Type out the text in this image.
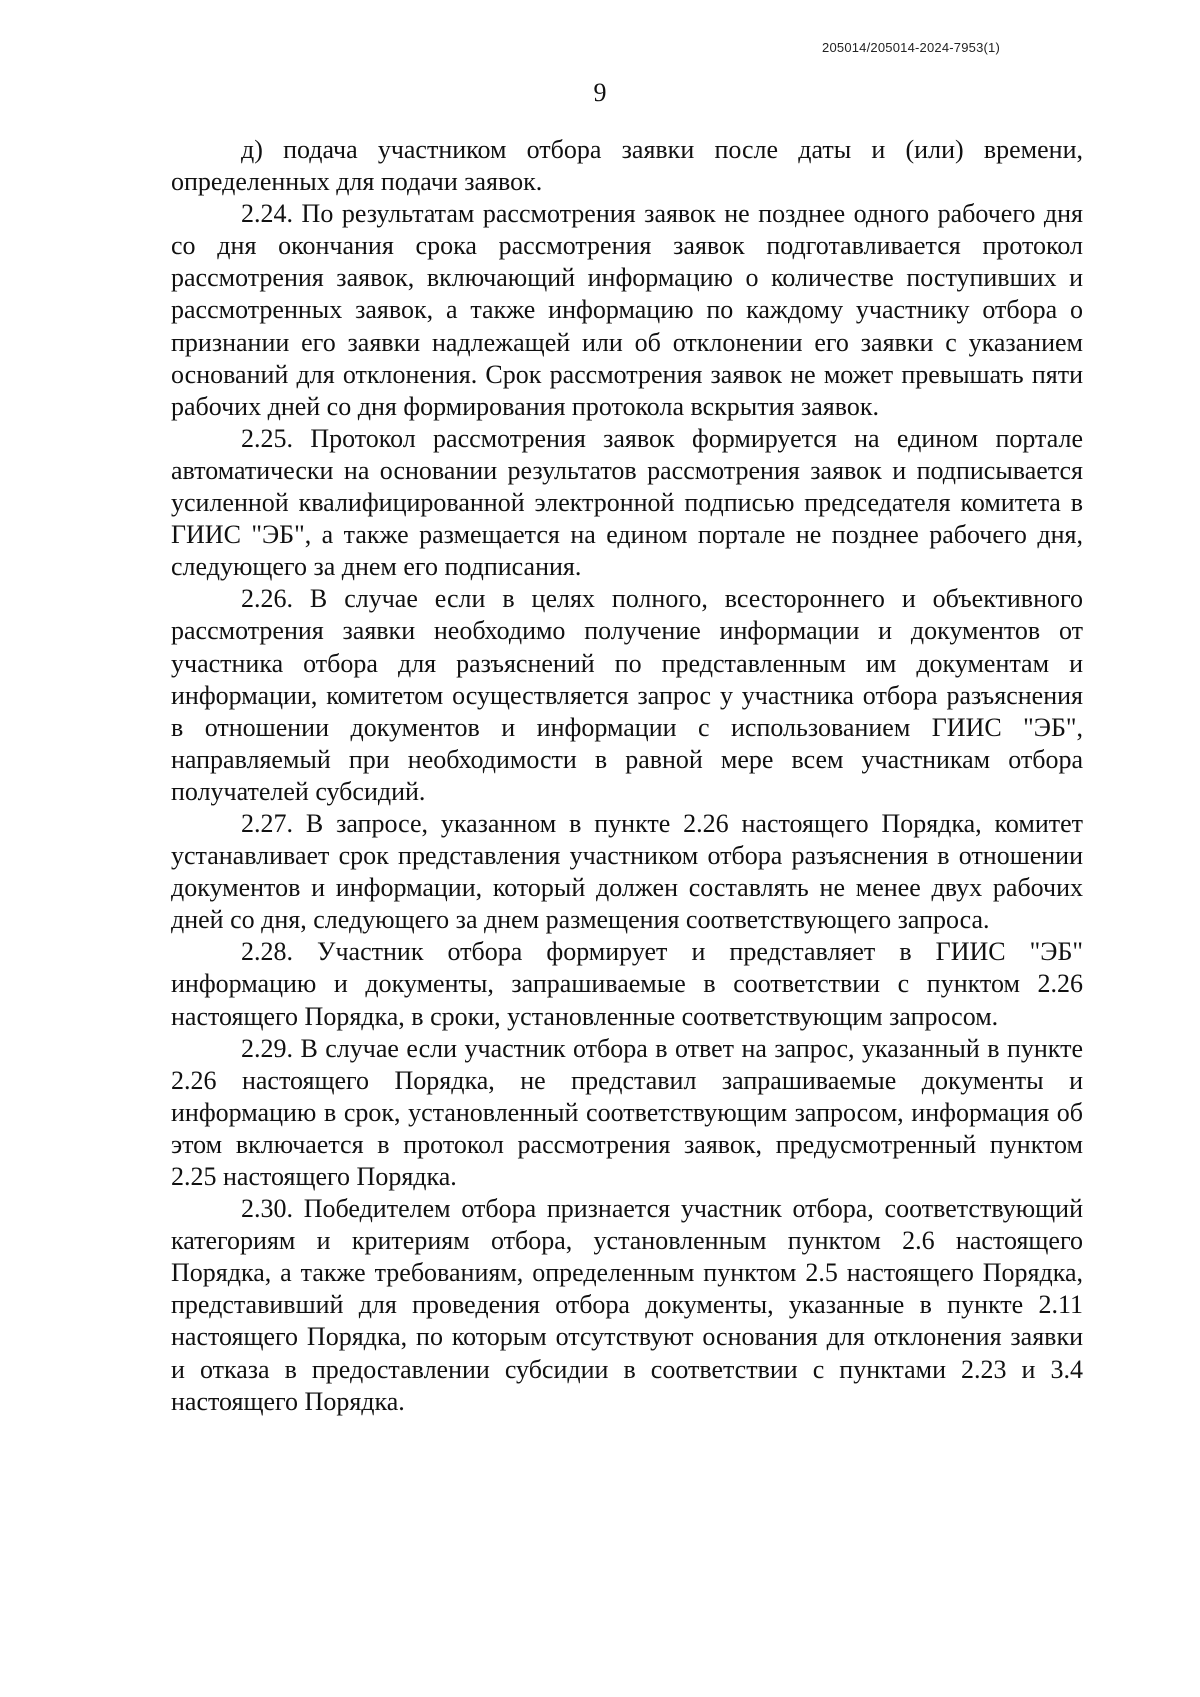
205014/205014-2024-7953(1)
9

д) подача участником отбора заявки после даты и (или) времени, определенных для подачи заявок.

2.24. По результатам рассмотрения заявок не позднее одного рабочего дня со дня окончания срока рассмотрения заявок подготавливается протокол рассмотрения заявок, включающий информацию о количестве поступивших и рассмотренных заявок, а также информацию по каждому участнику отбора о признании его заявки надлежащей или об отклонении его заявки с указанием оснований для отклонения. Срок рассмотрения заявок не может превышать пяти рабочих дней со дня формирования протокола вскрытия заявок.

2.25. Протокол рассмотрения заявок формируется на едином портале автоматически на основании результатов рассмотрения заявок и подписывается усиленной квалифицированной электронной подписью председателя комитета в ГИИС "ЭБ", а также размещается на едином портале не позднее рабочего дня, следующего за днем его подписания.

2.26. В случае если в целях полного, всестороннего и объективного рассмотрения заявки необходимо получение информации и документов от участника отбора для разъяснений по представленным им документам и информации, комитетом осуществляется запрос у участника отбора разъяснения в отношении документов и информации с использованием ГИИС "ЭБ", направляемый при необходимости в равной мере всем участникам отбора получателей субсидий.

2.27. В запросе, указанном в пункте 2.26 настоящего Порядка, комитет устанавливает срок представления участником отбора разъяснения в отношении документов и информации, который должен составлять не менее двух рабочих дней со дня, следующего за днем размещения соответствующего запроса.

2.28. Участник отбора формирует и представляет в ГИИС "ЭБ" информацию и документы, запрашиваемые в соответствии с пунктом 2.26 настоящего Порядка, в сроки, установленные соответствующим запросом.

2.29. В случае если участник отбора в ответ на запрос, указанный в пункте 2.26 настоящего Порядка, не представил запрашиваемые документы и информацию в срок, установленный соответствующим запросом, информация об этом включается в протокол рассмотрения заявок, предусмотренный пунктом 2.25 настоящего Порядка.

2.30. Победителем отбора признается участник отбора, соответствующий категориям и критериям отбора, установленным пунктом 2.6 настоящего Порядка, а также требованиям, определенным пунктом 2.5 настоящего Порядка, представивший для проведения отбора документы, указанные в пункте 2.11 настоящего Порядка, по которым отсутствуют основания для отклонения заявки и отказа в предоставлении субсидии в соответствии с пунктами 2.23 и 3.4 настоящего Порядка.
